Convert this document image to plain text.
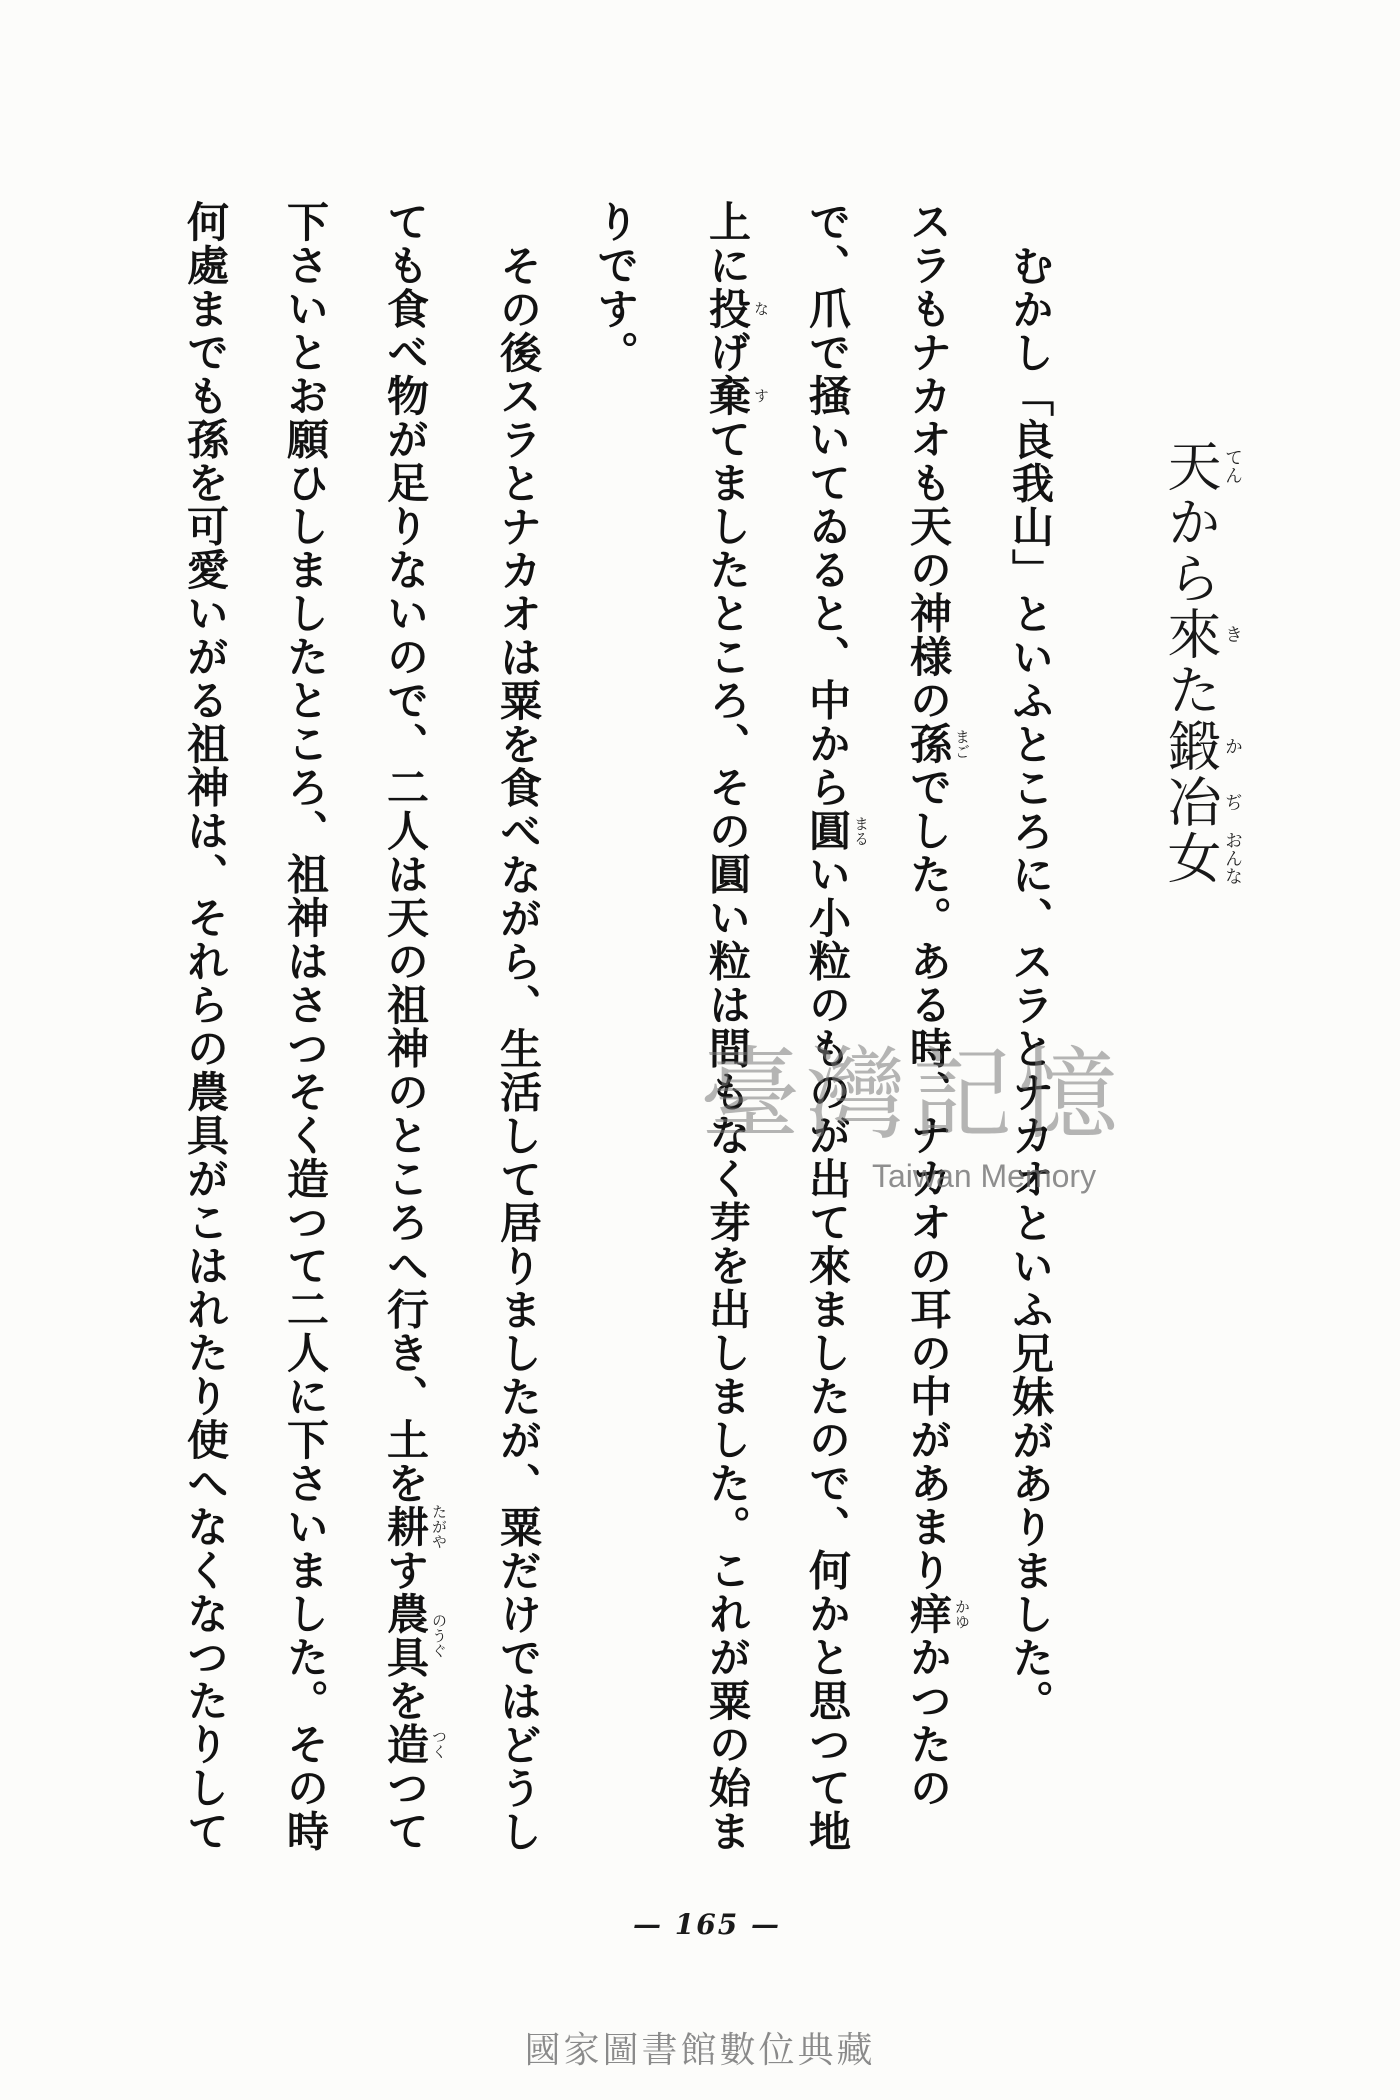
天から來た鍛冶女
むかし「良我山」といふところに、スラとナカオといふ兄妹がありました。
スラもナカオも天の神様の孫でした。ある時、ナカオの耳の中があまり痒かつたの
で、爪で掻いてゐると、中から圓い小粒のものが出て來ましたので、何かと思つて地
上に投げ棄てましたところ、その圓い粒は間もなく芽を出しました。これが粟の始ま
りです。
その後スラとナカオは粟を食べながら、生活して居りましたが、粟だけではどうし
ても食べ物が足りないので、二人は天の祖神のところへ行き、土を耕す農具を造つて
下さいとお願ひしましたところ、祖神はさつそく造つて二人に下さいました。その時
何處までも孫を可愛いがる祖神は、それらの農具がこはれたり使へなくなつたりして
— 165 —
臺灣記憶
Taiwan Memory
國家圖書館數位典藏
てん
き
か
ぢ
おんな
まご
かゆ
まる
な
す
たがや
のうぐ
つく
